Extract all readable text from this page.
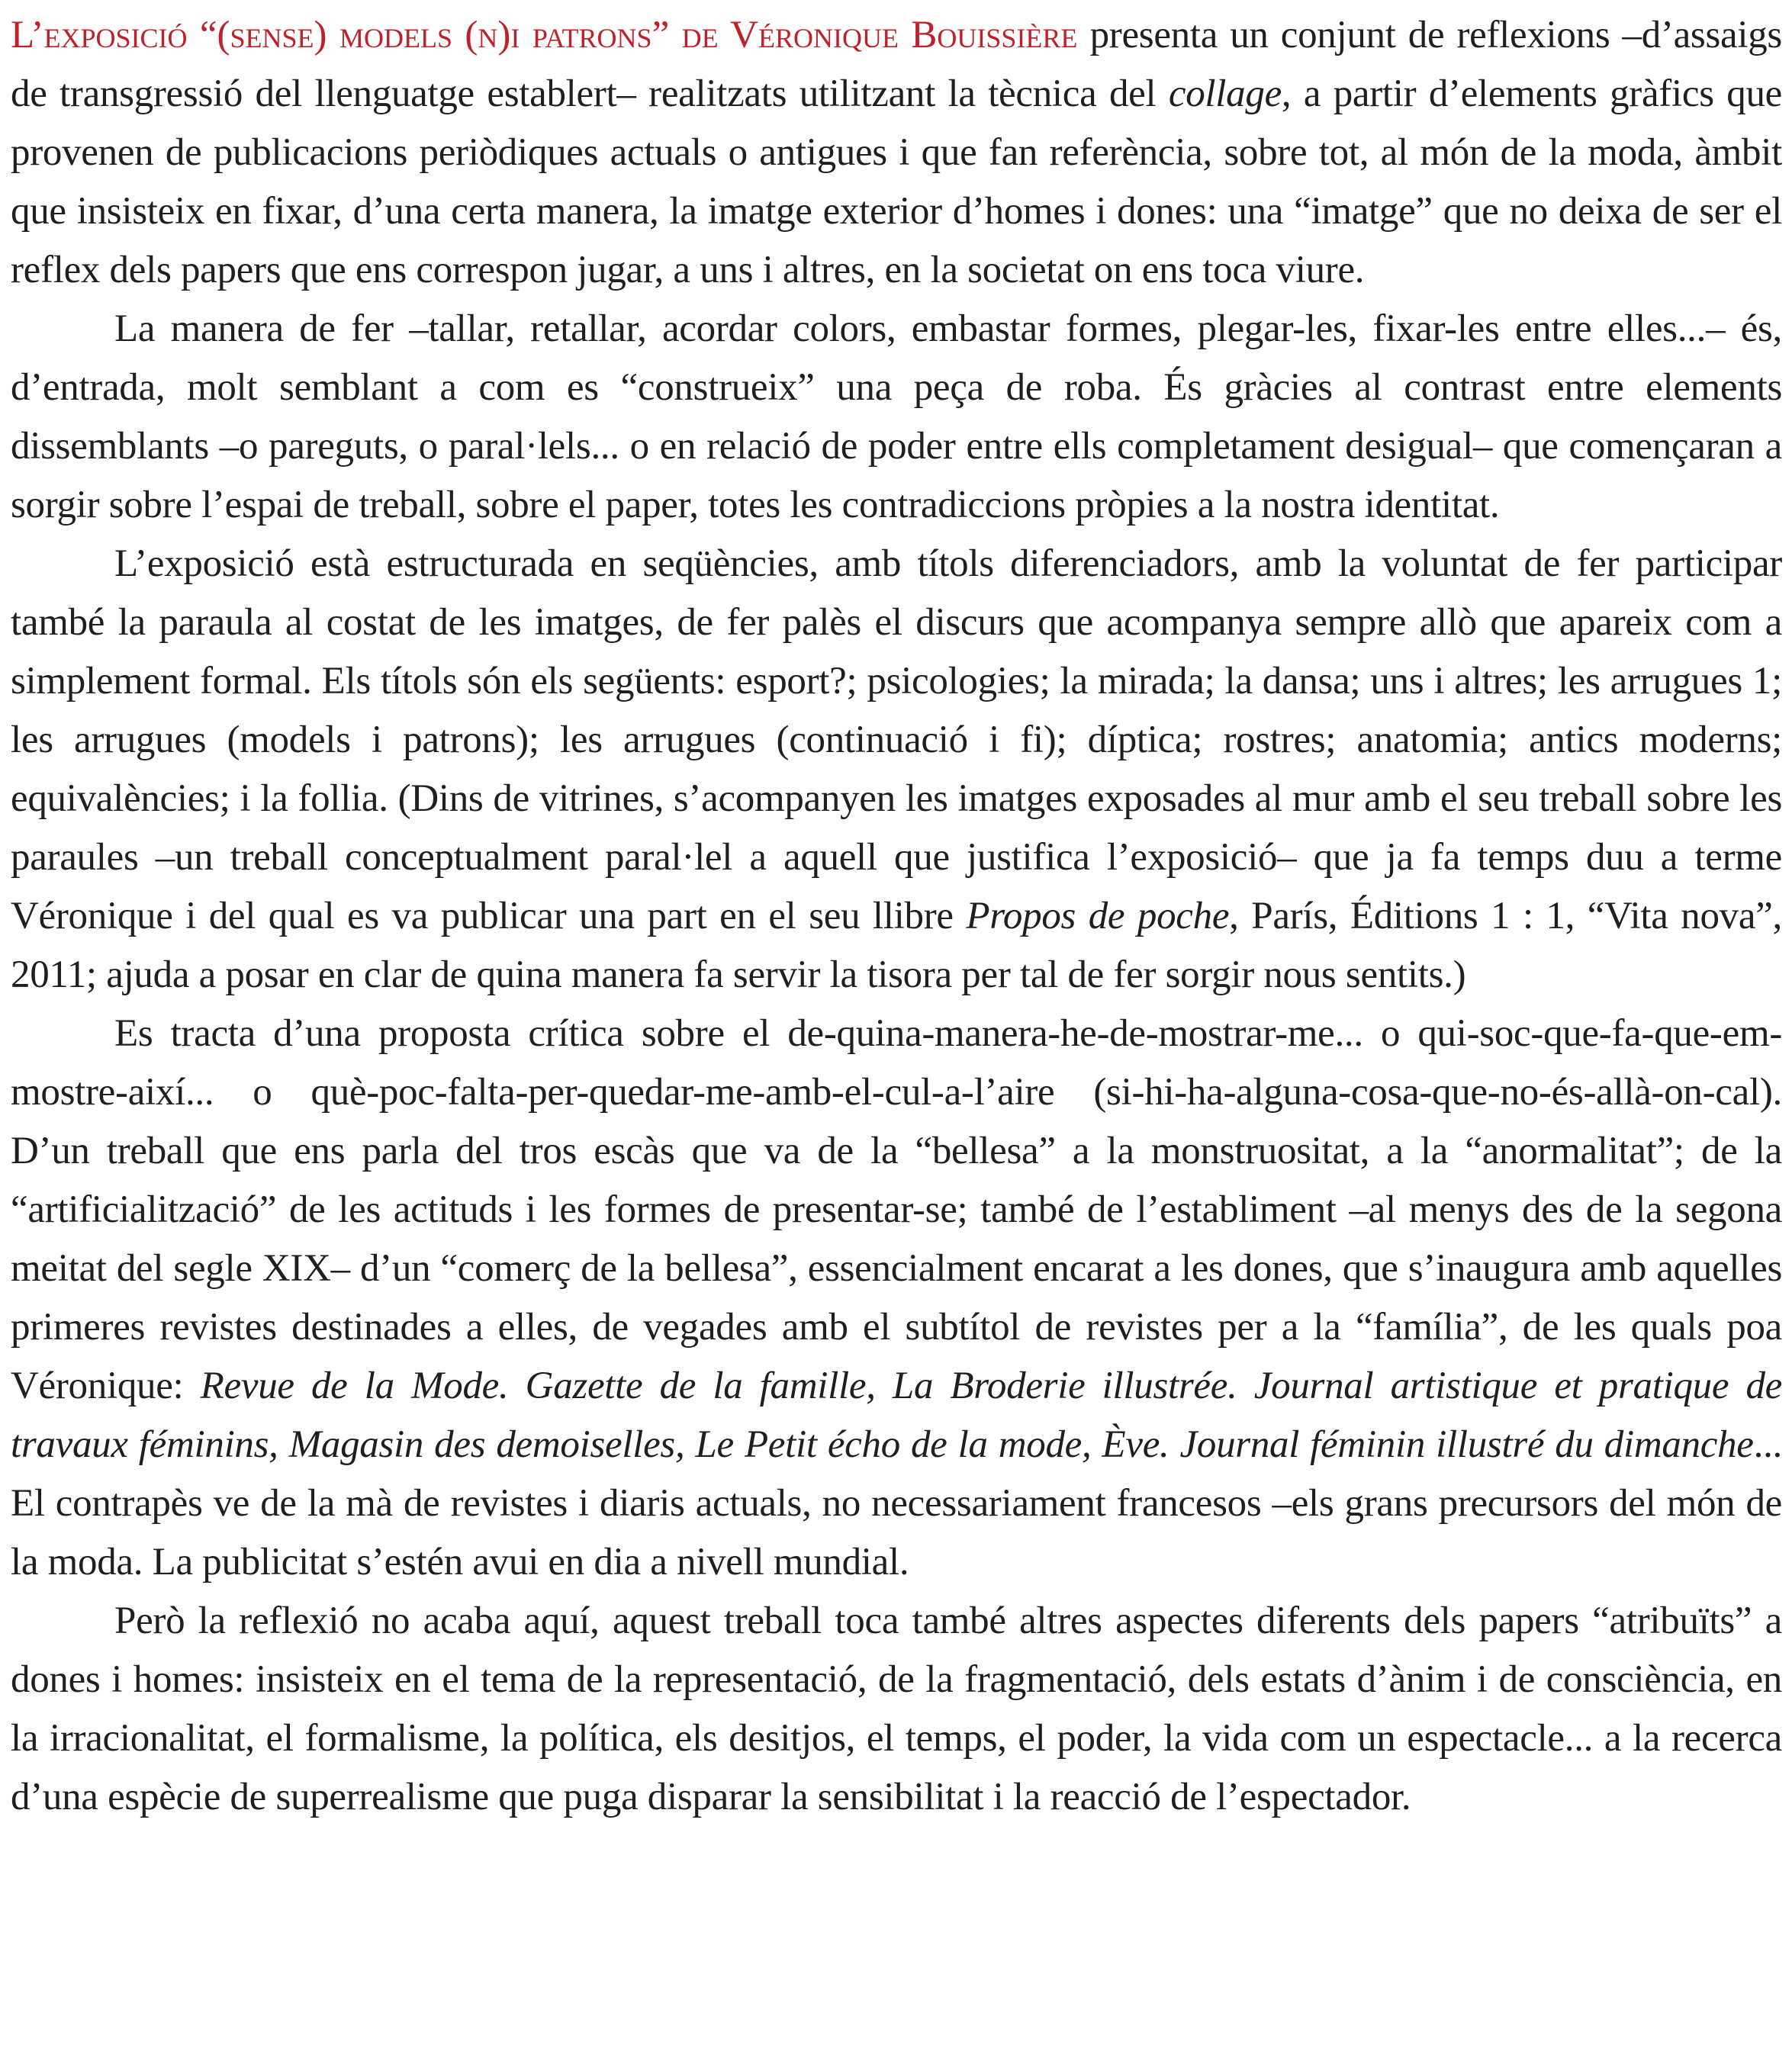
L’exposició “(sense) models (n)i patrons” de Véronique Bouissière presenta un conjunt de reflexions –d’assaigs de transgressió del llenguatge establert– realitzats utilitzant la tècnica del collage, a partir d’elements gràfics que provenen de publicacions periòdiques actuals o antigues i que fan referència, sobre tot, al món de la moda, àmbit que insisteix en fixar, d’una certa manera, la imatge exterior d’homes i dones: una “imatge” que no deixa de ser el reflex dels papers que ens correspon jugar, a uns i altres, en la societat on ens toca viure.

La manera de fer –tallar, retallar, acordar colors, embastar formes, plegar-les, fixar-les entre elles...– és, d’entrada, molt semblant a com es “construeix” una peça de roba. És gràcies al contrast entre elements dissemblants –o pareguts, o paral·lels... o en relació de poder entre ells completament desigual– que començaran a sorgir sobre l’espai de treball, sobre el paper, totes les contradiccions pròpies a la nostra identitat.

L’exposició està estructurada en seqüències, amb títols diferenciadors, amb la voluntat de fer participar també la paraula al costat de les imatges, de fer palès el discurs que acompanya sempre allò que apareix com a simplement formal. Els títols són els següents: esport?; psicologies; la mirada; la dansa; uns i altres; les arrugues 1; les arrugues (models i patrons); les arrugues (continuació i fi); díptica; rostres; anatomia; antics moderns; equivalències; i la follia. (Dins de vitrines, s’acompanyen les imatges exposades al mur amb el seu treball sobre les paraules –un treball conceptualment paral·lel a aquell que justifica l’exposició– que ja fa temps duu a terme Véronique i del qual es va publicar una part en el seu llibre Propos de poche, París, Éditions 1 : 1, “Vita nova”, 2011; ajuda a posar en clar de quina manera fa servir la tisora per tal de fer sorgir nous sentits.)

Es tracta d’una proposta crítica sobre el de-quina-manera-he-de-mostrar-me... o qui-soc-que-fa-que-em-mostre-així... o què-poc-falta-per-quedar-me-amb-el-cul-a-l’aire (si-hi-ha-alguna-cosa-que-no-és-allà-on-cal). D’un treball que ens parla del tros escàs que va de la “bellesa” a la monstruositat, a la “anormalitat”; de la “artificialització” de les actituds i les formes de presentar-se; també de l’establiment –al menys des de la segona meitat del segle XIX– d’un “comerç de la bellesa”, essencialment encarat a les dones, que s’inaugura amb aquelles primeres revistes destinades a elles, de vegades amb el subtítol de revistes per a la “família”, de les quals poa Véronique: Revue de la Mode. Gazette de la famille, La Broderie illustrée. Journal artistique et pratique de travaux féminins, Magasin des demoiselles, Le Petit écho de la mode, Ève. Journal féminin illustré du dimanche... El contrapès ve de la mà de revistes i diaris actuals, no necessariament francesos –els grans precursors del món de la moda. La publicitat s’estén avui en dia a nivell mundial.

Però la reflexió no acaba aquí, aquest treball toca també altres aspectes diferents dels papers “atribuïts” a dones i homes: insisteix en el tema de la representació, de la fragmentació, dels estats d’ànim i de consciència, en la irracionalitat, el formalisme, la política, els desitjos, el temps, el poder, la vida com un espectacle... a la recerca d’una espècie de superrealisme que puga disparar la sensibilitat i la reacció de l’espectador.
